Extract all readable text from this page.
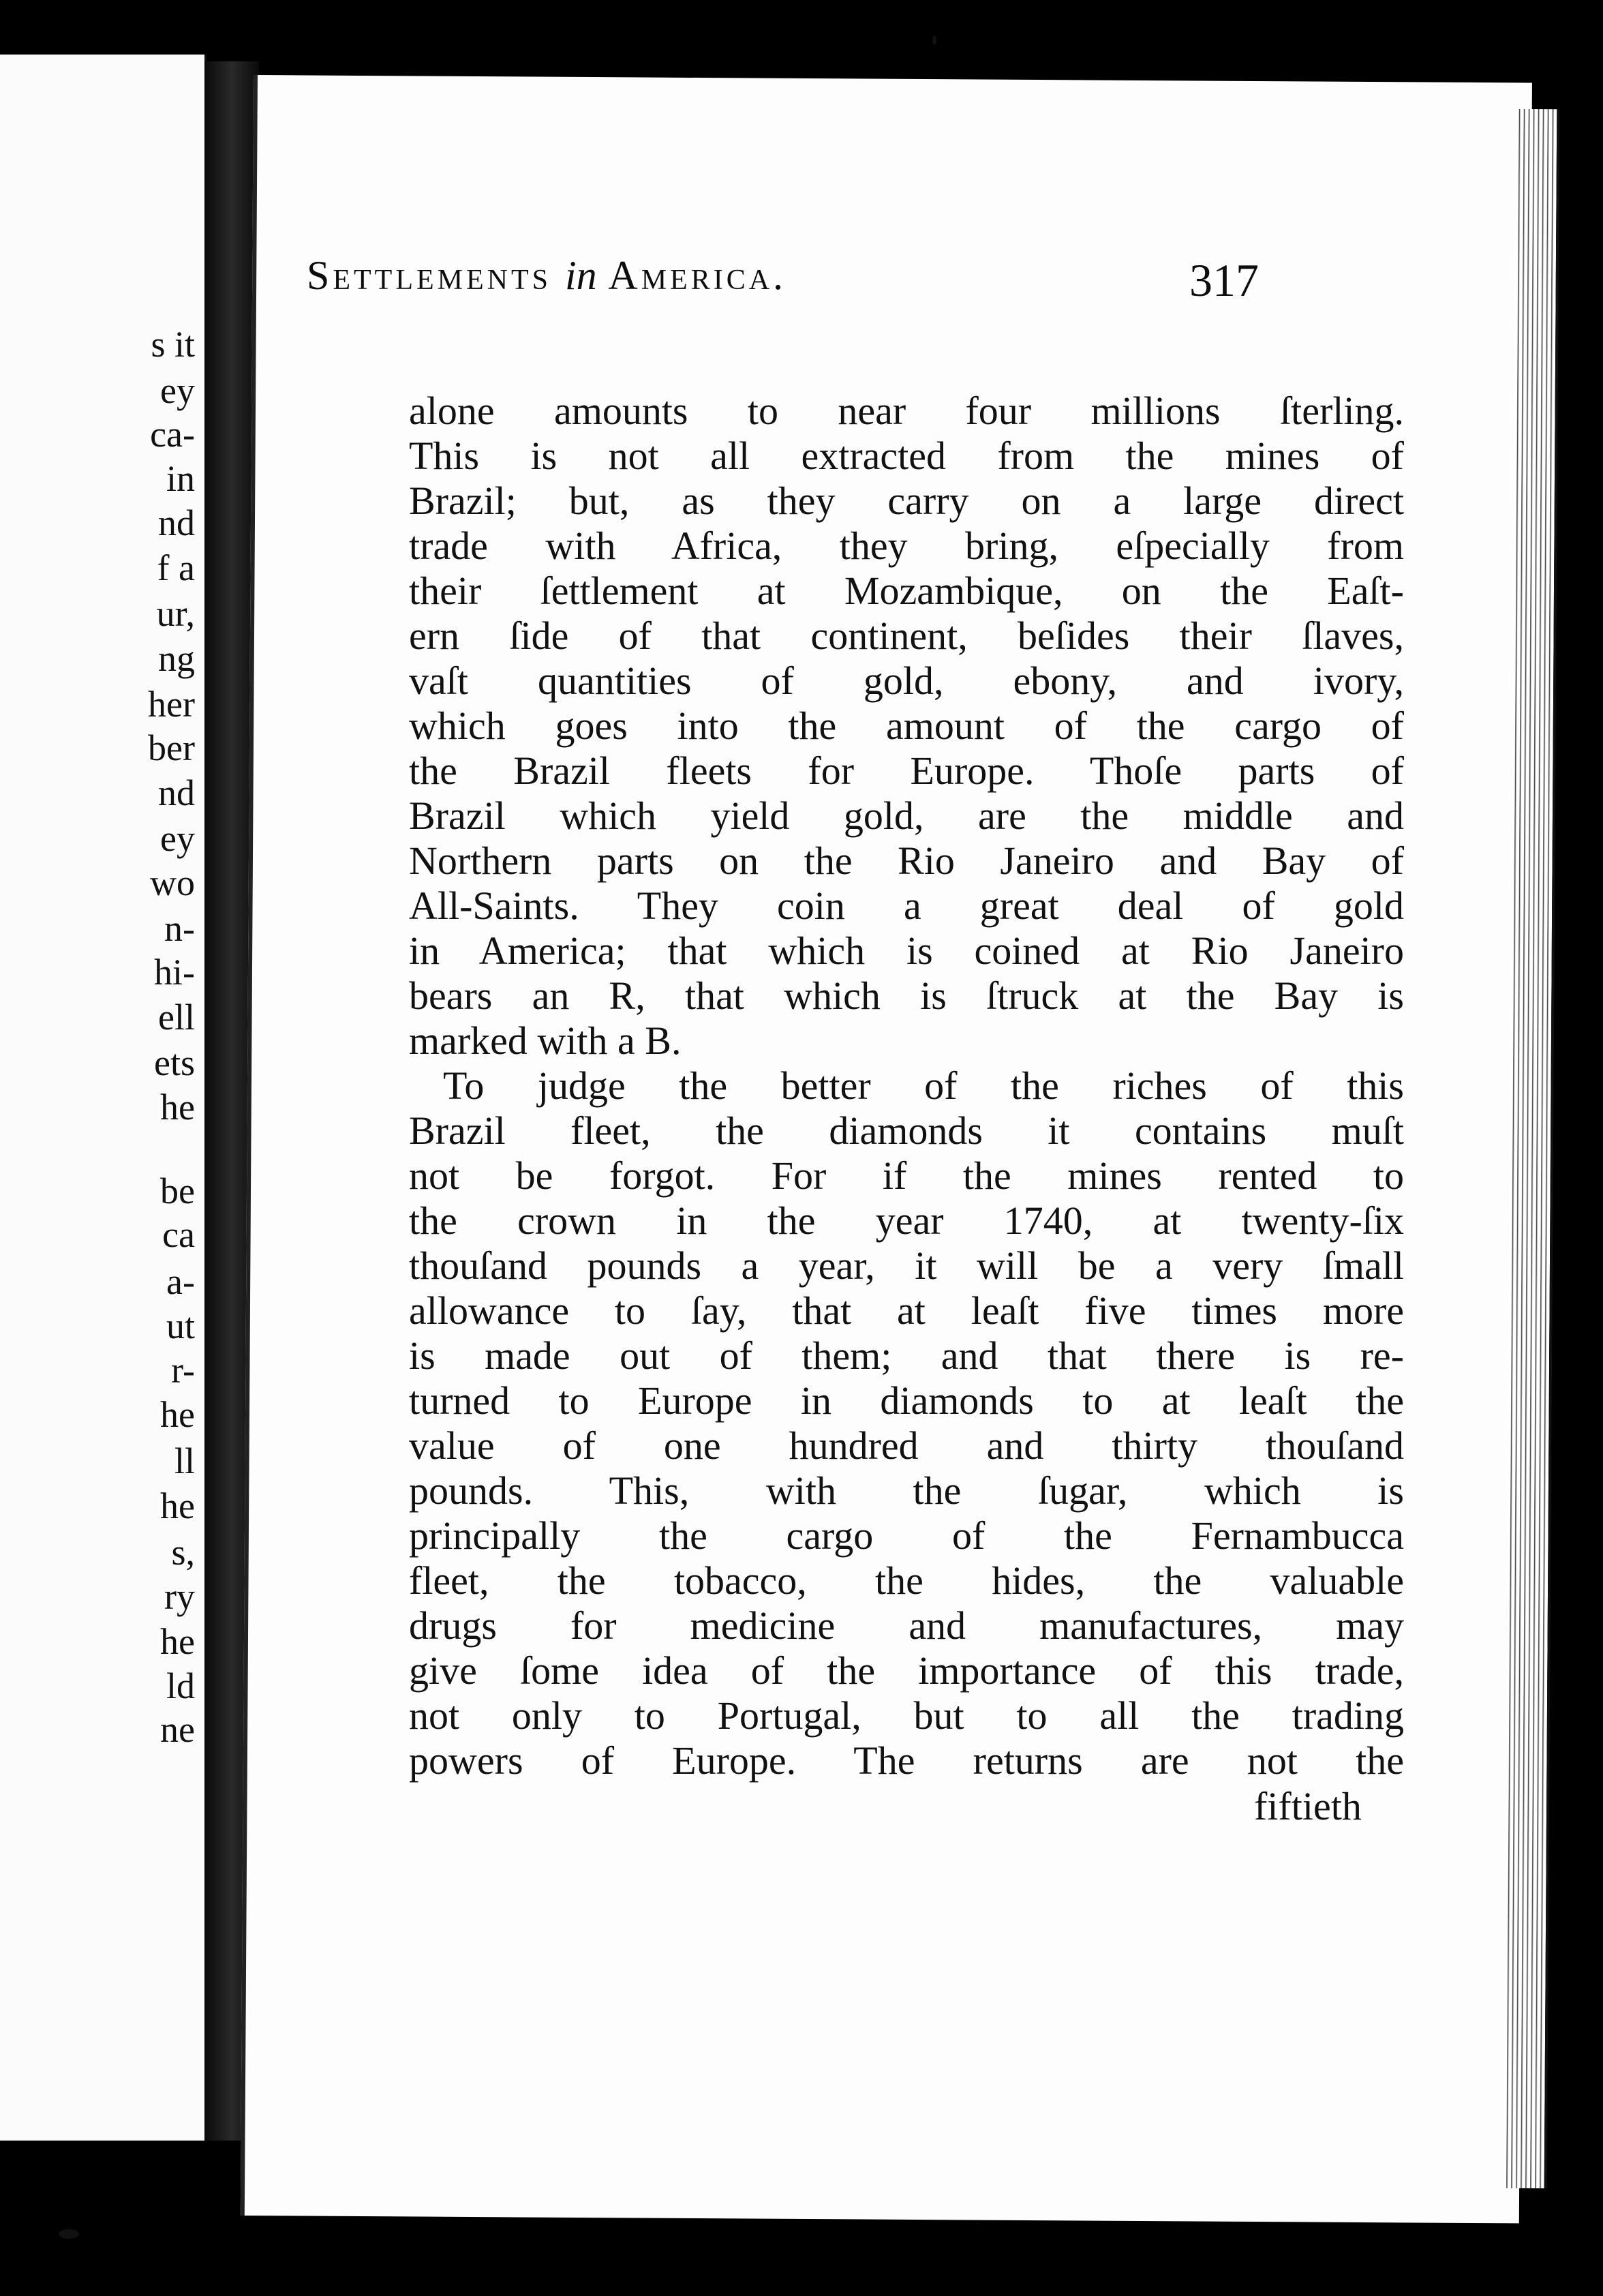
s it
ey
ca-
in
nd
f a
ur,
ng
her
ber
nd
ey
wo
n-
hi-
ell
ets
he
be
ca
a-
ut
r-
he
ll
he
s,
ry
he
ld
ne
Settlements in America.	317
alone amounts to near four millions ſterling.
This is not all extracted from the mines of
Brazil; but, as they carry on a large direct
trade with Africa, they bring, eſpecially from
their ſettlement at Mozambique, on the Eaſt-
ern ſide of that continent, beſides their ſlaves,
vaſt quantities of gold, ebony, and ivory,
which goes into the amount of the cargo of
the Brazil fleets for Europe. Thoſe parts of
Brazil which yield gold, are the middle and
Northern parts on the Rio Janeiro and Bay of
All-Saints. They coin a great deal of gold
in America; that which is coined at Rio Janeiro
bears an R, that which is ſtruck at the Bay is
marked with a B.
To judge the better of the riches of this
Brazil fleet, the diamonds it contains muſt
not be forgot. For if the mines rented to
the crown in the year 1740, at twenty-ſix
thouſand pounds a year, it will be a very ſmall
allowance to ſay, that at leaſt five times more
is made out of them; and that there is re-
turned to Europe in diamonds to at leaſt the
value of one hundred and thirty thouſand
pounds. This, with the ſugar, which is
principally the cargo of the Fernambucca
fleet, the tobacco, the hides, the valuable
drugs for medicine and manufactures, may
give ſome idea of the importance of this trade,
not only to Portugal, but to all the trading
powers of Europe. The returns are not the
fiftieth
